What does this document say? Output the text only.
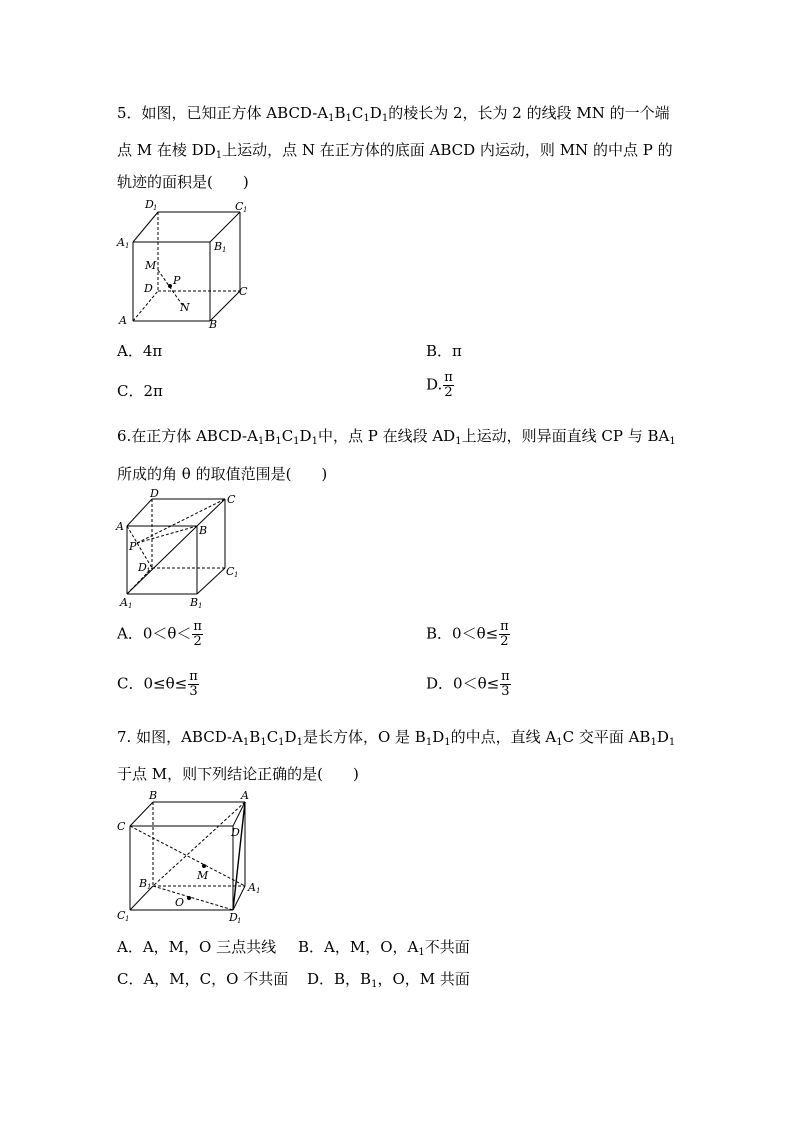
5．如图，已知正方体 ABCD-$A_1B_1C_1D_1$的棱长为 2，长为 2 的线段 MN 的一个端
点 M 在棱 $DD_1$上运动，点 N 在正方体的底面 ABCD 内运动，则 MN 的中点 P 的
轨迹的面积是(　　)
D 1	C 1
A 1	B 1
M
P
D	C
N
A	B
A．4π	B．π
C．2π	D. $\frac{\pi}{2}$
6.在正方体 ABCD-$A_1B_1C_1D_1$中，点 P 在线段 $AD_1$上运动，则异面直线 CP 与 $BA_1$
所成的角 θ 的取值范围是(　　)
D	C
A	B
P
D 1	C 1
A 1	B 1
A．$0<\theta< \frac{\pi}{2}$	B．$0<\theta\le \frac{\pi}{2}$
C．$0\le\theta\le \frac{\pi}{3}$	D．$0<\theta\le \frac{\pi}{3}$
7. 如图，ABCD-$A_1B_1C_1D_1$是长方体，O 是 $B_1D_1$的中点，直线 $A_1C$ 交平面 $AB_1D_1$
于点 M，则下列结论正确的是(　　)
B	A
C	D
M
B 1	A 1
O
C 1	D 1
A．A，M，O 三点共线 B．A，M，O，$A_1$不共面
C．A，M，C，O 不共面 D．B，$B_1$，O，M 共面
